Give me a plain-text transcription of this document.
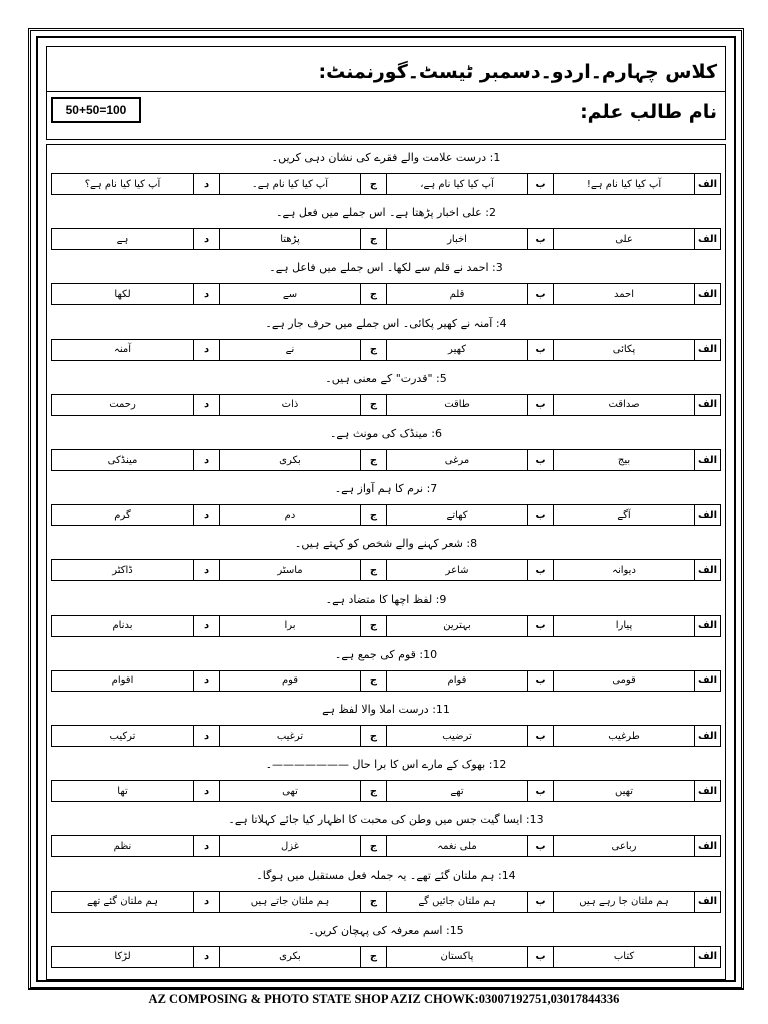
کلاس چہارم۔اردو۔دسمبر ٹیسٹ۔گورنمنٹ:
نام طالب علم:
50+50=100
1: درست علامت والے فقرے کی نشان دہی کریں۔
الف
آپ کیا کیا نام ہے!
ب
آپ کیا کیا نام ہے،
ج
آپ کیا کیا نام ہے۔
د
آپ کیا کیا نام ہے؟
2: علی اخبار پڑھتا ہے۔ اس جملے میں فعل ہے۔
الف
علی
ب
اخبار
ج
پڑھتا
د
ہے
3: احمد نے قلم سے لکھا۔ اس جملے میں فاعل ہے۔
الف
احمد
ب
قلم
ج
سے
د
لکھا
4: آمنہ نے کھیر پکائی۔ اس جملے میں حرف جار ہے۔
الف
پکائی
ب
کھیر
ج
نے
د
آمنہ
5: "قدرت" کے معنی ہیں۔
الف
صداقت
ب
طاقت
ج
ذات
د
رحمت
6: مینڈک کی مونث ہے۔
الف
بیج
ب
مرغی
ج
بکری
د
مینڈکی
7: نرم کا ہم آواز ہے۔
الف
آگے
ب
کھاتے
ج
دم
د
گرم
8: شعر کہنے والے شخص کو کہتے ہیں۔
الف
دیوانہ
ب
شاعر
ج
ماسٹر
د
ڈاکٹر
9: لفظ اچھا کا متضاد ہے۔
الف
پیارا
ب
بہترین
ج
برا
د
بدنام
10: قوم کی جمع ہے۔
الف
قومی
ب
قوام
ج
قوم
د
اقوام
11: درست املا والا لفظ ہے
الف
طرغیب
ب
ترضیب
ج
ترغیب
د
ترکیب
12: بھوک کے مارے اس کا برا حال ———————۔
الف
تھیں
ب
تھے
ج
تھی
د
تھا
13: ایسا گیت جس میں وطن کی محبت کا اظہار کیا جائے کہلاتا ہے۔
الف
رباعی
ب
ملی نغمہ
ج
غزل
د
نظم
14: ہم ملتان گئے تھے۔ یہ جملہ فعل مستقبل میں ہوگا۔
الف
ہم ملتان جا رہے ہیں
ب
ہم ملتان جائیں گے
ج
ہم ملتان جاتے ہیں
د
ہم ملتان گئے تھے
15: اسم معرفہ کی پہچان کریں۔
الف
کتاب
ب
پاکستان
ج
بکری
د
لڑکا
AZ COMPOSING & PHOTO STATE SHOP AZIZ CHOWK:03007192751,03017844336
